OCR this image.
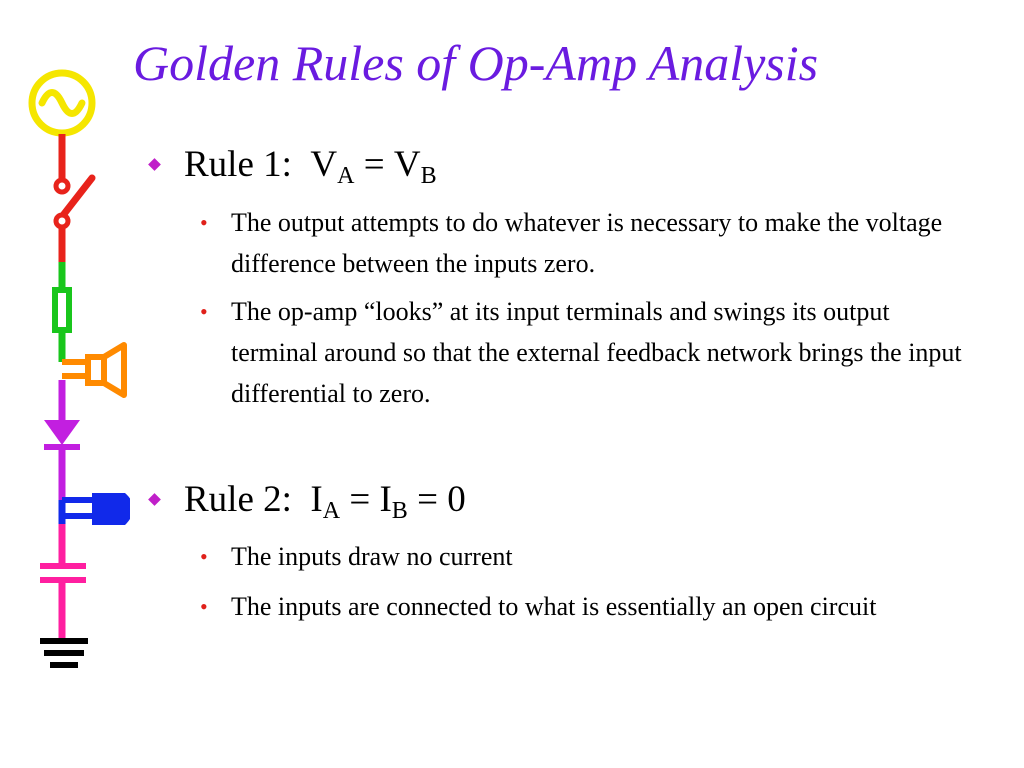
Golden Rules of Op-Amp Analysis
Rule 1: $V_A = V_B$
• The output attempts to do whatever is necessary to make the voltage difference between the inputs zero.
• The op-amp “looks” at its input terminals and swings its output terminal around so that the external feedback network brings the input differential to zero.
Rule 2: $I_A = I_B = 0$
• The inputs draw no current
• The inputs are connected to what is essentially an open circuit
